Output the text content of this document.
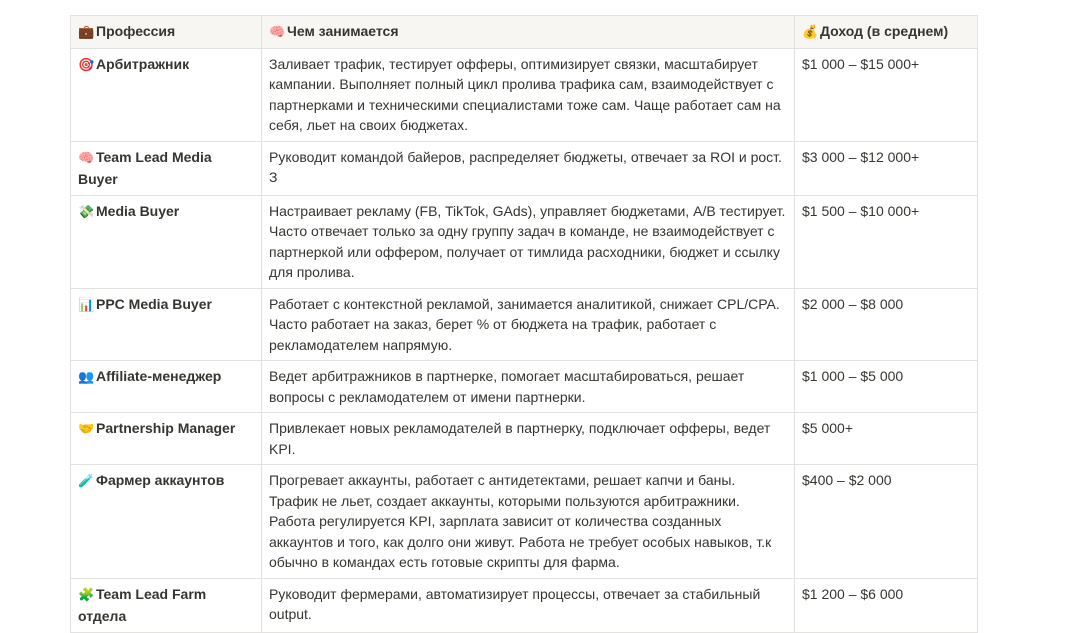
💼 Профессия	🧠 Чем занимается	💰 Доход (в среднем)
🎯 Арбитражник	Заливает трафик, тестирует офферы, оптимизирует связки, масштабирует кампании. Выполняет полный цикл пролива трафика сам, взаимодействует с партнерками и техническими специалистами тоже сам. Чаще работает сам на себя, льет на своих бюджетах.	$1 000 – $15 000+
🧠 Team Lead Media Buyer	Руководит командой байеров, распределяет бюджеты, отвечает за ROI и рост. З	$3 000 – $12 000+
💸 Media Buyer	Настраивает рекламу (FB, TikTok, GAds), управляет бюджетами, A/B тестирует. Часто отвечает только за одну группу задач в команде, не взаимодействует с партнеркой или оффером, получает от тимлида расходники, бюджет и ссылку для пролива.	$1 500 – $10 000+
📊 PPC Media Buyer	Работает с контекстной рекламой, занимается аналитикой, снижает CPL/CPA. Часто работает на заказ, берет % от бюджета на трафик, работает с рекламодателем напрямую.	$2 000 – $8 000
👥 Affiliate-менеджер	Ведет арбитражников в партнерке, помогает масштабироваться, решает вопросы с рекламодателем от имени партнерки.	$1 000 – $5 000
🤝 Partnership Manager	Привлекает новых рекламодателей в партнерку, подключает офферы, ведет KPI.	$5 000+
🧪 Фармер аккаунтов	Прогревает аккаунты, работает с антидетектами, решает капчи и баны. Трафик не льет, создает аккаунты, которыми пользуются арбитражники. Работа регулируется KPI, зарплата зависит от количества созданных аккаунтов и того, как долго они живут. Работа не требует особых навыков, т.к обычно в командах есть готовые скрипты для фарма.	$400 – $2 000
🧩 Team Lead Farm отдела	Руководит фермерами, автоматизирует процессы, отвечает за стабильный output.	$1 200 – $6 000
